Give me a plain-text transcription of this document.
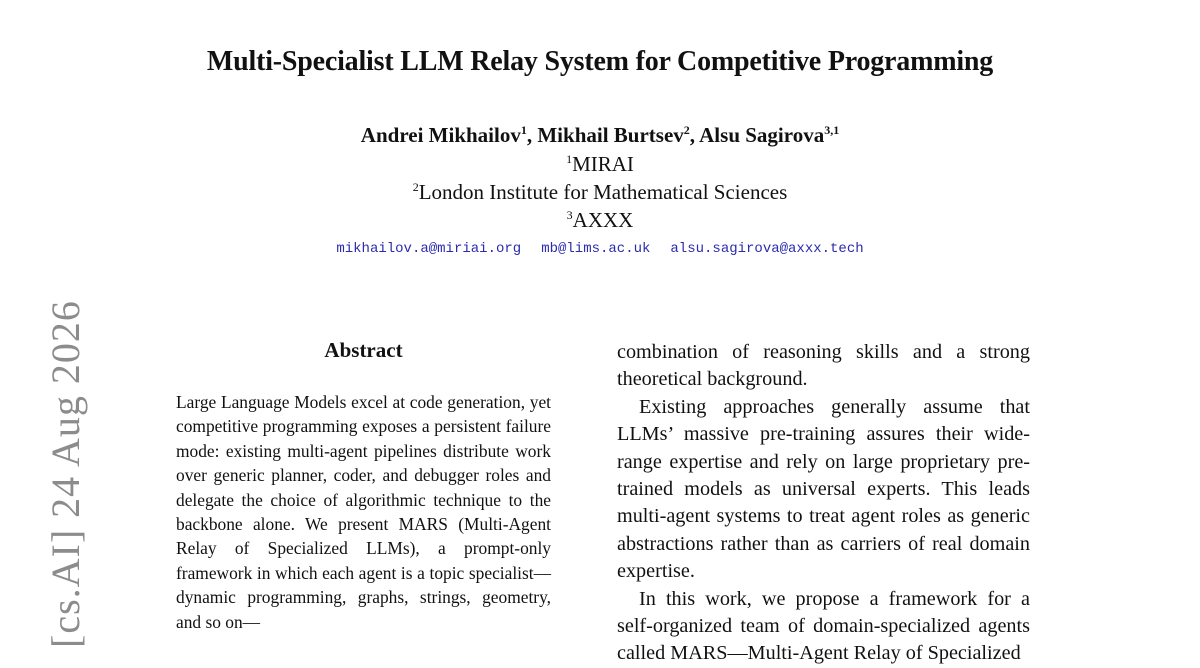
[cs.AI] 24 Aug 2026
Multi-Specialist LLM Relay System for Competitive Programming
Andrei Mikhailov$^1$, Mikhail Burtsev$^2$, Alsu Sagirova$^{3,1}$
$^1$MIRAI
$^2$London Institute for Mathematical Sciences
$^3$AXXX
mikhailov.a@miriai.org mb@lims.ac.uk alsu.sagirova@axxx.tech
Abstract
Large Language Models excel at code generation, yet competitive programming exposes a persistent failure mode: existing multi-agent pipelines distribute work over generic planner, coder, and debugger roles and delegate the choice of algorithmic technique to the backbone alone. We present MARS (Multi-Agent Relay of Specialized LLMs), a prompt-only framework in which each agent is a topic specialist—dynamic programming, graphs, strings, geometry, and so on—

combination of reasoning skills and a strong theoretical background.

Existing approaches generally assume that LLMs’ massive pre-training assures their wide-range expertise and rely on large proprietary pre-trained models as universal experts. This leads multi-agent systems to treat agent roles as generic abstractions rather than as carriers of real domain expertise.

In this work, we propose a framework for a self-organized team of domain-specialized agents called MARS—Multi-Agent Relay of Specialized
